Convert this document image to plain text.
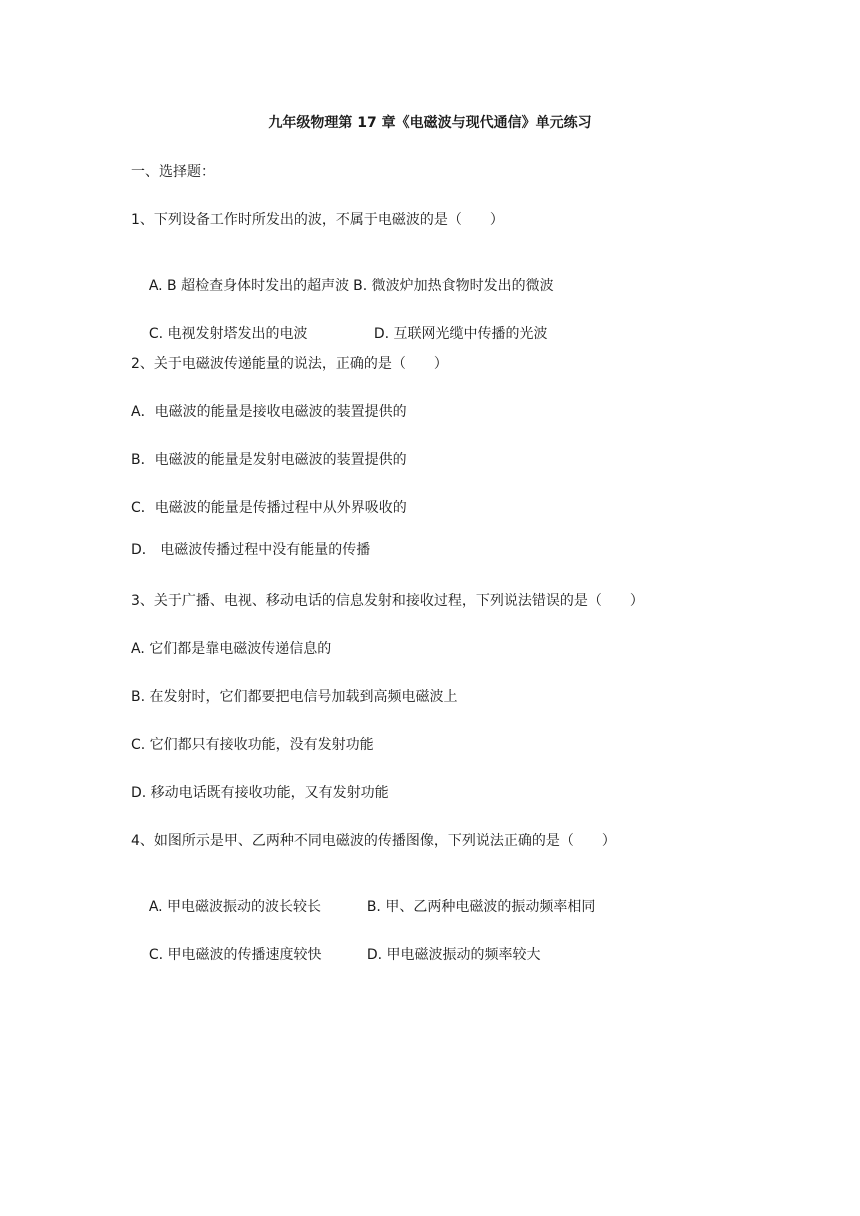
九年级物理第 17 章《电磁波与现代通信》单元练习
一、选择题：
1、下列设备工作时所发出的波，不属于电磁波的是（　　）

A. B 超检查身体时发出的超声波 B. 微波炉加热食物时发出的微波

C. 电视发射塔发出的电波	D. 互联网光缆中传播的光波

2、关于电磁波传递能量的说法，正确的是（　　）
A．电磁波的能量是接收电磁波的装置提供的
B．电磁波的能量是发射电磁波的装置提供的
C．电磁波的能量是传播过程中从外界吸收的
D． 电磁波传播过程中没有能量的传播
3、关于广播、电视、移动电话的信息发射和接收过程，下列说法错误的是（　　）
A. 它们都是靠电磁波传递信息的
B. 在发射时，它们都要把电信号加载到高频电磁波上
C. 它们都只有接收功能，没有发射功能
D. 移动电话既有接收功能，又有发射功能
4、如图所示是甲、乙两种不同电磁波的传播图像，下列说法正确的是（　　）

A. 甲电磁波振动的波长较长	B. 甲、乙两种电磁波的振动频率相同

C. 甲电磁波的传播速度较快	D. 甲电磁波振动的频率较大
